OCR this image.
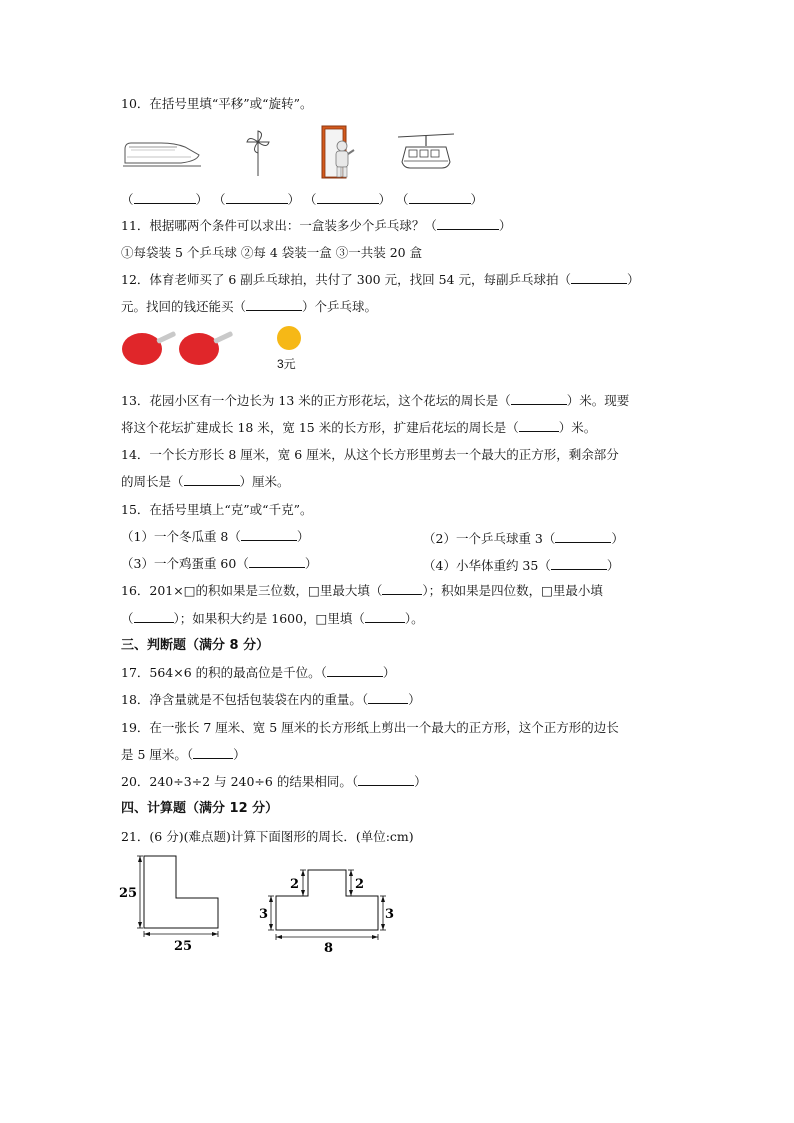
10．在括号里填“平移”或“旋转”。
（	） （	） （	） （	）
11．根据哪两个条件可以求出：一盒装多少个乒乓球？（	）
①每袋装 5 个乒乓球 ②每 4 袋装一盒 ③一共装 20 盒
12．体育老师买了 6 副乒乓球拍，共付了 300 元，找回 54 元，每副乒乓球拍（	）
元。找回的钱还能买（	）个乒乓球。
3元
13．花园小区有一个边长为 13 米的正方形花坛，这个花坛的周长是（	）米。现要
将这个花坛扩建成长 18 米，宽 15 米的长方形，扩建后花坛的周长是（	）米。
14．一个长方形长 8 厘米，宽 6 厘米，从这个长方形里剪去一个最大的正方形，剩余部分
的周长是（	）厘米。
15．在括号里填上“克”或“千克”。
（1）一个冬瓜重 8（	）	（2）一个乒乓球重 3（	）
（3）一个鸡蛋重 60（	）	（4）小华体重约 35（	）
16．201×□的积如果是三位数，□里最大填（	）；积如果是四位数，□里最小填
（	）；如果积大约是 1600，□里填（	）。
三、判断题（满分 8 分）
17．564×6 的积的最高位是千位。（	）
18．净含量就是不包括包装袋在内的重量。（	）
19．在一张长 7 厘米、宽 5 厘米的长方形纸上剪出一个最大的正方形，这个正方形的边长
是 5 厘米。（	）
20．240÷3÷2 与 240÷6 的结果相同。（	）
四、计算题（满分 12 分）
21．(6 分)(难点题)计算下面图形的周长．(单位:cm)
25
25
2	2
3	3
8
